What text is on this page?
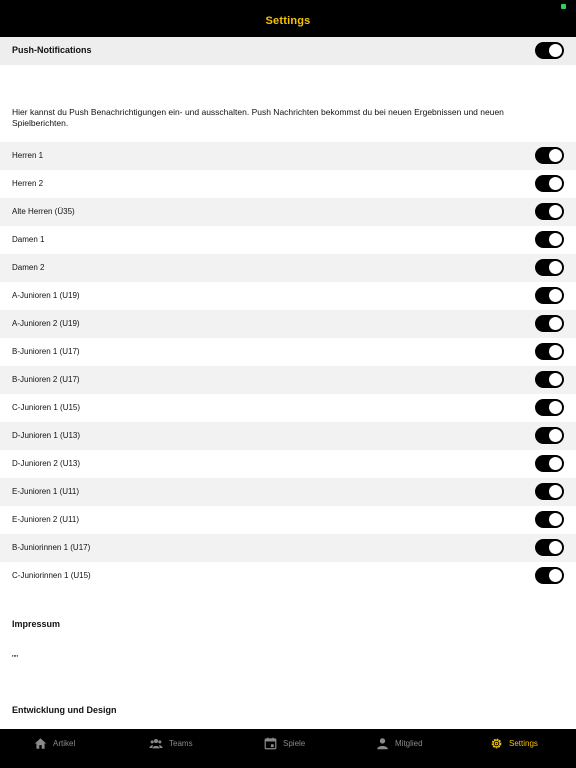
Settings
Push-Notifications
Hier kannst du Push Benachrichtigungen ein- und ausschalten. Push Nachrichten bekommst du bei neuen Ergebnissen und neuen Spielberichten.
Herren 1
Herren 2
Alte Herren (Ü35)
Damen 1
Damen 2
A-Junioren 1 (U19)
A-Junioren 2 (U19)
B-Junioren 1 (U17)
B-Junioren 2 (U17)
C-Junioren 1 (U15)
D-Junioren 1 (U13)
D-Junioren 2 (U13)
E-Junioren 1 (U11)
E-Junioren 2 (U11)
B-Juniorinnen 1 (U17)
C-Juniorinnen 1 (U15)
Impressum
""
Entwicklung und Design
Artikel	Teams	Spiele	Mitglied	Settings
